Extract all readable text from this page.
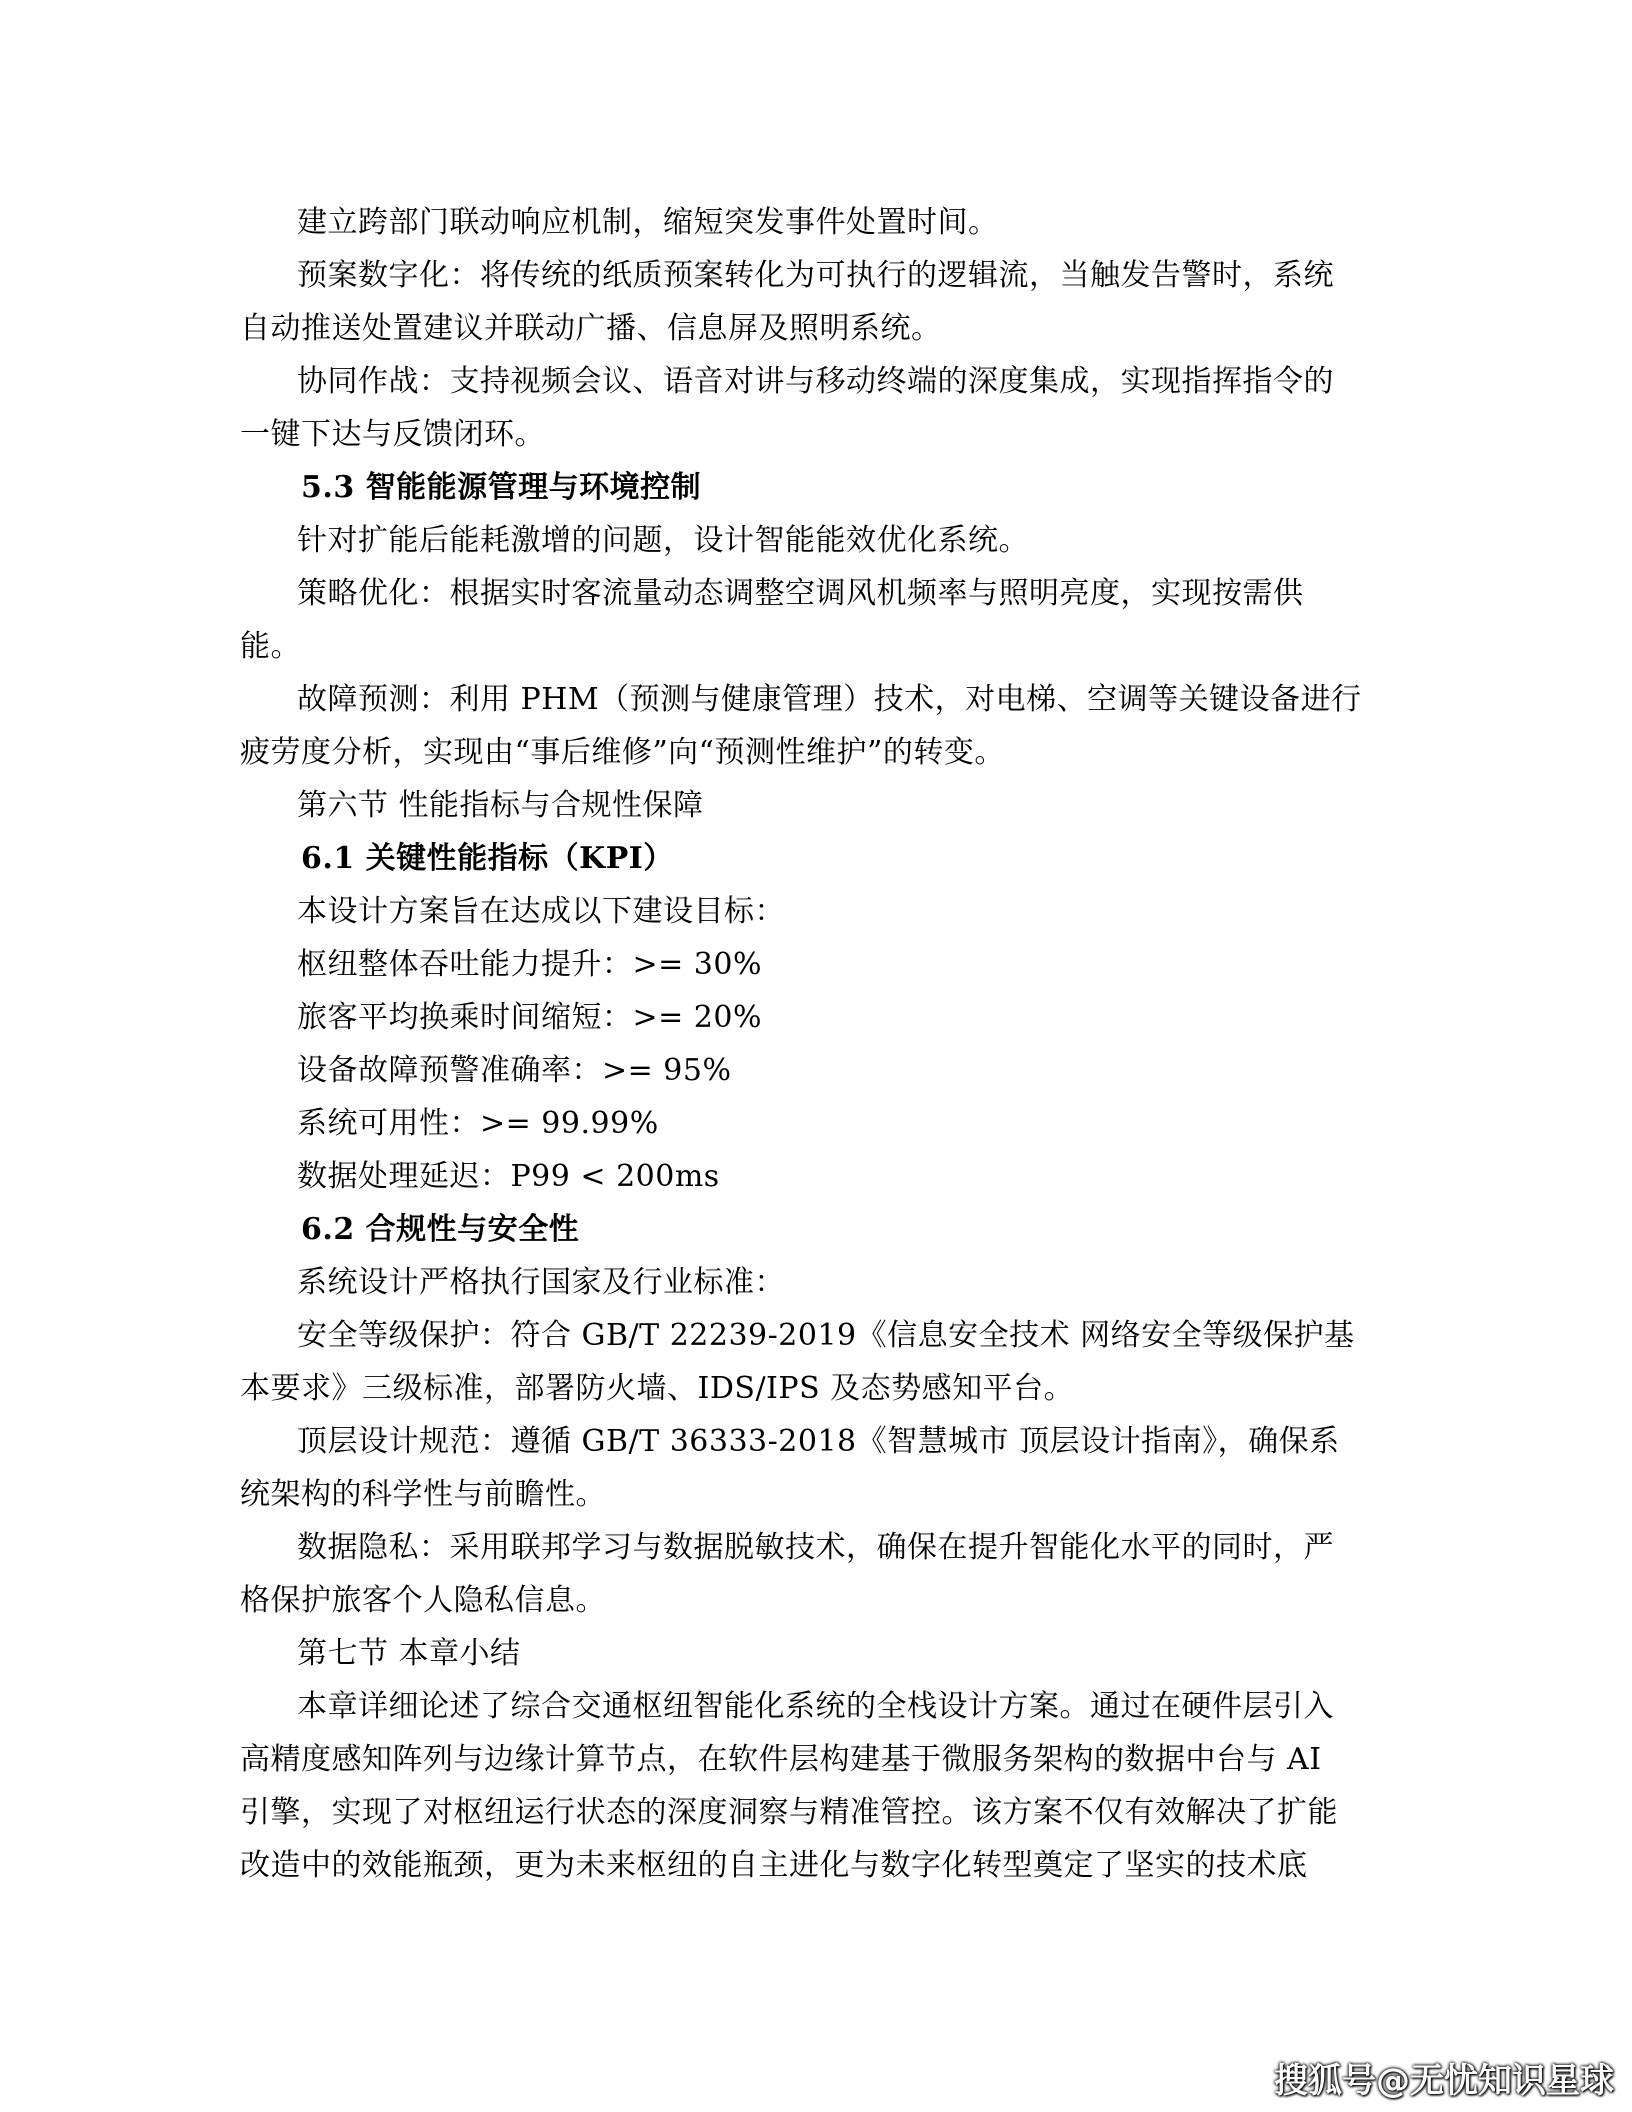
建立跨部门联动响应机制，缩短突发事件处置时间。
预案数字化：将传统的纸质预案转化为可执行的逻辑流，当触发告警时，系统
自动推送处置建议并联动广播、信息屏及照明系统。
协同作战：支持视频会议、语音对讲与移动终端的深度集成，实现指挥指令的
一键下达与反馈闭环。
5.3 智能能源管理与环境控制
针对扩能后能耗激增的问题，设计智能能效优化系统。
策略优化：根据实时客流量动态调整空调风机频率与照明亮度，实现按需供
能。
故障预测：利用 PHM（预测与健康管理）技术，对电梯、空调等关键设备进行
疲劳度分析，实现由“事后维修”向“预测性维护”的转变。
第六节 性能指标与合规性保障
6.1 关键性能指标（KPI）
本设计方案旨在达成以下建设目标：
枢纽整体吞吐能力提升：>= 30%
旅客平均换乘时间缩短：>= 20%
设备故障预警准确率：>= 95%
系统可用性：>= 99.99%
数据处理延迟：P99 < 200ms
6.2 合规性与安全性
系统设计严格执行国家及行业标准：
安全等级保护：符合 GB/T 22239-2019《信息安全技术 网络安全等级保护基
本要求》三级标准，部署防火墙、IDS/IPS 及态势感知平台。
顶层设计规范：遵循 GB/T 36333-2018《智慧城市 顶层设计指南》，确保系
统架构的科学性与前瞻性。
数据隐私：采用联邦学习与数据脱敏技术，确保在提升智能化水平的同时，严
格保护旅客个人隐私信息。
第七节 本章小结
本章详细论述了综合交通枢纽智能化系统的全栈设计方案。通过在硬件层引入
高精度感知阵列与边缘计算节点，在软件层构建基于微服务架构的数据中台与 AI
引擎，实现了对枢纽运行状态的深度洞察与精准管控。该方案不仅有效解决了扩能
改造中的效能瓶颈，更为未来枢纽的自主进化与数字化转型奠定了坚实的技术底
搜狐号@无忧知识星球
